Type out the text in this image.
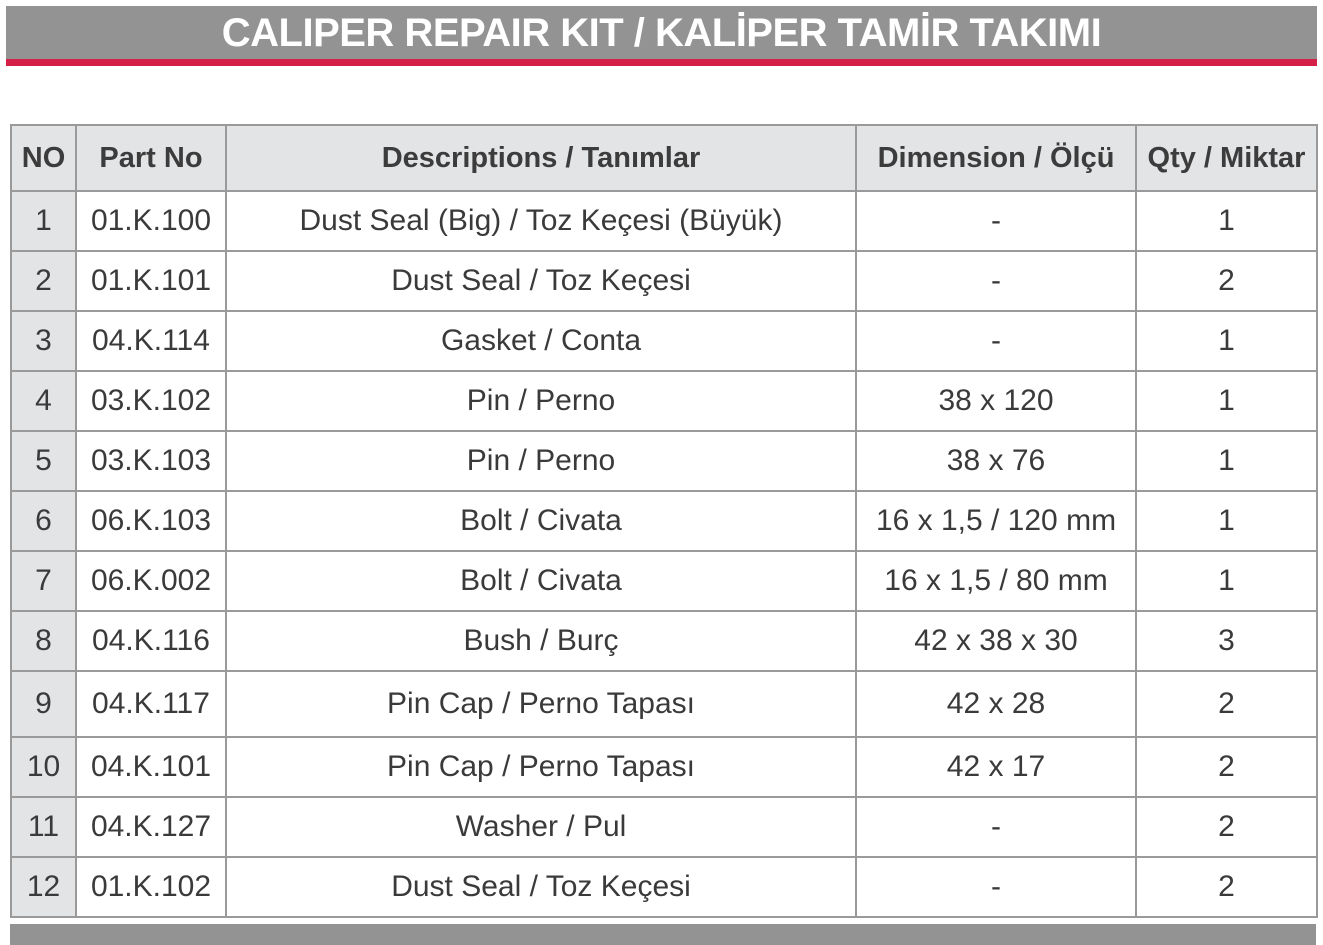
CALIPER REPAIR KIT / KALİPER TAMİR TAKIMI
NO	Part No	Descriptions / Tanımlar	Dimension / Ölçü	Qty / Miktar
1	01.K.100	Dust Seal (Big) / Toz Keçesi (Büyük)	-	1
2	01.K.101	Dust Seal / Toz Keçesi	-	2
3	04.K.114	Gasket / Conta	-	1
4	03.K.102	Pin / Perno	38 x 120	1
5	03.K.103	Pin / Perno	38 x 76	1
6	06.K.103	Bolt / Civata	16 x 1,5 / 120 mm	1
7	06.K.002	Bolt / Civata	16 x 1,5 / 80 mm	1
8	04.K.116	Bush / Burç	42 x 38 x 30	3
9	04.K.117	Pin Cap / Perno Tapası	42 x 28	2
10	04.K.101	Pin Cap / Perno Tapası	42 x 17	2
11	04.K.127	Washer / Pul	-	2
12	01.K.102	Dust Seal / Toz Keçesi	-	2
